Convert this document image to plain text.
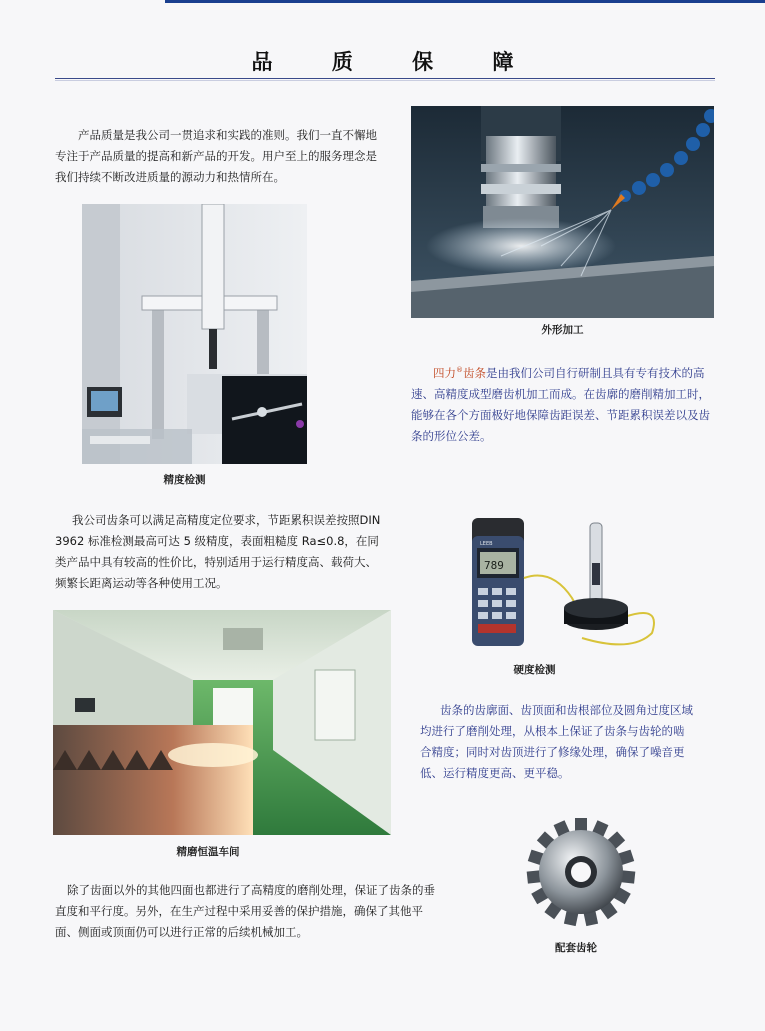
品 质 保 障

产品质量是我公司一贯追求和实践的准则。我们一直不懈地专注于产品质量的提高和新产品的开发。用户至上的服务理念是我们持续不断改进质量的源动力和热情所在。

外形加工

四力®齿条是由我们公司自行研制且具有专有技术的高速、高精度成型磨齿机加工而成。在齿廓的磨削精加工时，能够在各个方面极好地保障齿距误差、节距累积误差以及齿条的形位公差。

精度检测

我公司齿条可以满足高精度定位要求，节距累积误差按照DIN 3962 标准检测最高可达 5 级精度，表面粗糙度 Ra≤0.8，在同类产品中具有较高的性价比，特别适用于运行精度高、载荷大、频繁长距离运动等各种使用工况。

789
LEEB
硬度检测

齿条的齿廓面、齿顶面和齿根部位及圆角过度区域均进行了磨削处理，从根本上保证了齿条与齿轮的啮合精度；同时对齿顶进行了修缘处理，确保了噪音更低、运行精度更高、更平稳。

精磨恒温车间

除了齿面以外的其他四面也都进行了高精度的磨削处理，保证了齿条的垂直度和平行度。另外，在生产过程中采用妥善的保护措施，确保了其他平面、侧面或顶面仍可以进行正常的后续机械加工。

配套齿轮
